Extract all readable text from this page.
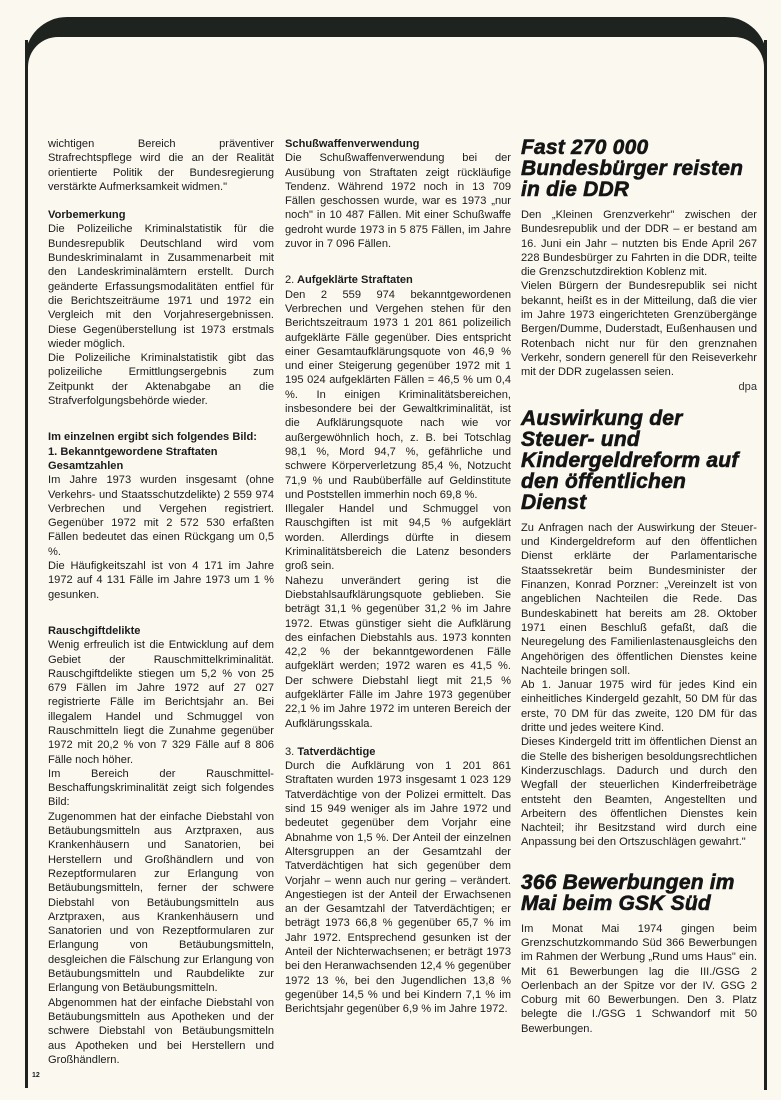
12

wichtigen Bereich präventiver Strafrechtspflege wird die an der Realität orientierte Politik der Bundesregierung verstärkte Aufmerksamkeit widmen."

Vorbemerkung

Die Polizeiliche Kriminalstatistik für die Bundesrepublik Deutschland wird vom Bundeskriminalamt in Zusammenarbeit mit den Landeskriminalämtern erstellt. Durch geänderte Erfassungsmodalitäten entfiel für die Berichtszeiträume 1971 und 1972 ein Vergleich mit den Vorjahresergebnissen. Diese Gegenüberstellung ist 1973 erstmals wieder möglich.

Die Polizeiliche Kriminalstatistik gibt das polizeiliche Ermittlungsergebnis zum Zeitpunkt der Aktenabgabe an die Strafverfolgungsbehörde wieder.

Im einzelnen ergibt sich folgendes Bild:
1. Bekanntgewordene Straftaten
Gesamtzahlen

Im Jahre 1973 wurden insgesamt (ohne Verkehrs- und Staatsschutzdelikte) 2 559 974 Verbrechen und Vergehen registriert. Gegenüber 1972 mit 2 572 530 erfaßten Fällen bedeutet das einen Rückgang um 0,5 %.

Die Häufigkeitszahl ist von 4 171 im Jahre 1972 auf 4 131 Fälle im Jahre 1973 um 1 % gesunken.

Rauschgiftdelikte

Wenig erfreulich ist die Entwicklung auf dem Gebiet der Rauschmittelkriminalität. Rauschgiftdelikte stiegen um 5,2 % von 25 679 Fällen im Jahre 1972 auf 27 027 registrierte Fälle im Berichtsjahr an. Bei illegalem Handel und Schmuggel von Rauschmitteln liegt die Zunahme gegenüber 1972 mit 20,2 % von 7 329 Fälle auf 8 806 Fälle noch höher.

Im Bereich der Rauschmittel-Beschaffungskriminalität zeigt sich folgendes Bild:

Zugenommen hat der einfache Diebstahl von Betäubungsmitteln aus Arztpraxen, aus Krankenhäusern und Sanatorien, bei Herstellern und Großhändlern und von Rezeptformularen zur Erlangung von Betäubungsmitteln, ferner der schwere Diebstahl von Betäubungsmitteln aus Arztpraxen, aus Krankenhäusern und Sanatorien und von Rezeptformularen zur Erlangung von Betäubungsmitteln, desgleichen die Fälschung zur Erlangung von Betäubungsmitteln und Raubdelikte zur Erlangung von Betäubungsmitteln.

Abgenommen hat der einfache Diebstahl von Betäubungsmitteln aus Apotheken und der schwere Diebstahl von Betäubungsmitteln aus Apotheken und bei Herstellern und Großhändlern.

Schußwaffenverwendung

Die Schußwaffenverwendung bei der Ausübung von Straftaten zeigt rückläufige Tendenz. Während 1972 noch in 13 709 Fällen geschossen wurde, war es 1973 „nur noch" in 10 487 Fällen. Mit einer Schußwaffe gedroht wurde 1973 in 5 875 Fällen, im Jahre zuvor in 7 096 Fällen.

2. Aufgeklärte Straftaten

Den 2 559 974 bekanntgewordenen Verbrechen und Vergehen stehen für den Berichtszeitraum 1973 1 201 861 polizeilich aufgeklärte Fälle gegenüber. Dies entspricht einer Gesamtaufklärungsquote von 46,9 % und einer Steigerung gegenüber 1972 mit 1 195 024 aufgeklärten Fällen = 46,5 % um 0,4 %. In einigen Kriminalitätsbereichen, insbesondere bei der Gewaltkriminalität, ist die Aufklärungsquote nach wie vor außergewöhnlich hoch, z. B. bei Totschlag 98,1 %, Mord 94,7 %, gefährliche und schwere Körperverletzung 85,4 %, Notzucht 71,9 % und Raubüberfälle auf Geldinstitute und Poststellen immerhin noch 69,8 %.

Illegaler Handel und Schmuggel von Rauschgiften ist mit 94,5 % aufgeklärt worden. Allerdings dürfte in diesem Kriminalitätsbereich die Latenz besonders groß sein.

Nahezu unverändert gering ist die Diebstahlsaufklärungsquote geblieben. Sie beträgt 31,1 % gegenüber 31,2 % im Jahre 1972. Etwas günstiger sieht die Aufklärung des einfachen Diebstahls aus. 1973 konnten 42,2 % der bekanntgewordenen Fälle aufgeklärt werden; 1972 waren es 41,5 %. Der schwere Diebstahl liegt mit 21,5 % aufgeklärter Fälle im Jahre 1973 gegenüber 22,1 % im Jahre 1972 im unteren Bereich der Aufklärungsskala.

3. Tatverdächtige

Durch die Aufklärung von 1 201 861 Straftaten wurden 1973 insgesamt 1 023 129 Tatverdächtige von der Polizei ermittelt. Das sind 15 949 weniger als im Jahre 1972 und bedeutet gegenüber dem Vorjahr eine Abnahme von 1,5 %. Der Anteil der einzelnen Altersgruppen an der Gesamtzahl der Tatverdächtigen hat sich gegenüber dem Vorjahr – wenn auch nur gering – verändert. Angestiegen ist der Anteil der Erwachsenen an der Gesamtzahl der Tatverdächtigen; er beträgt 1973 66,8 % gegenüber 65,7 % im Jahr 1972. Entsprechend gesunken ist der Anteil der Nichterwachsenen; er beträgt 1973 bei den Heranwachsenden 12,4 % gegenüber 1972 13 %, bei den Jugendlichen 13,8 % gegenüber 14,5 % und bei Kindern 7,1 % im Berichtsjahr gegenüber 6,9 % im Jahre 1972.

Fast 270 000 Bundesbürger reisten in die DDR

Den „Kleinen Grenzverkehr" zwischen der Bundesrepublik und der DDR – er bestand am 16. Juni ein Jahr – nutzten bis Ende April 267 228 Bundesbürger zu Fahrten in die DDR, teilte die Grenzschutzdirektion Koblenz mit.

Vielen Bürgern der Bundesrepublik sei nicht bekannt, heißt es in der Mitteilung, daß die vier im Jahre 1973 eingerichteten Grenzübergänge Bergen/Dumme, Duderstadt, Eußenhausen und Rotenbach nicht nur für den grenznahen Verkehr, sondern generell für den Reiseverkehr mit der DDR zugelassen seien.

dpa

Auswirkung der Steuer- und Kindergeldreform auf den öffentlichen Dienst

Zu Anfragen nach der Auswirkung der Steuer- und Kindergeldreform auf den öffentlichen Dienst erklärte der Parlamentarische Staatssekretär beim Bundesminister der Finanzen, Konrad Porzner: „Vereinzelt ist von angeblichen Nachteilen die Rede. Das Bundeskabinett hat bereits am 28. Oktober 1971 einen Beschluß gefaßt, daß die Neuregelung des Familienlastenausgleichs den Angehörigen des öffentlichen Dienstes keine Nachteile bringen soll.

Ab 1. Januar 1975 wird für jedes Kind ein einheitliches Kindergeld gezahlt, 50 DM für das erste, 70 DM für das zweite, 120 DM für das dritte und jedes weitere Kind.

Dieses Kindergeld tritt im öffentlichen Dienst an die Stelle des bisherigen besoldungsrechtlichen Kinderzuschlags. Dadurch und durch den Wegfall der steuerlichen Kinderfreibeträge entsteht den Beamten, Angestellten und Arbeitern des öffentlichen Dienstes kein Nachteil; ihr Besitzstand wird durch eine Anpassung bei den Ortszuschlägen gewahrt."

366 Bewerbungen im Mai beim GSK Süd

Im Monat Mai 1974 gingen beim Grenzschutzkommando Süd 366 Bewerbungen im Rahmen der Werbung „Rund ums Haus" ein. Mit 61 Bewerbungen lag die III./GSG 2 Oerlenbach an der Spitze vor der IV. GSG 2 Coburg mit 60 Bewerbungen. Den 3. Platz belegte die I./GSG 1 Schwandorf mit 50 Bewerbungen.
